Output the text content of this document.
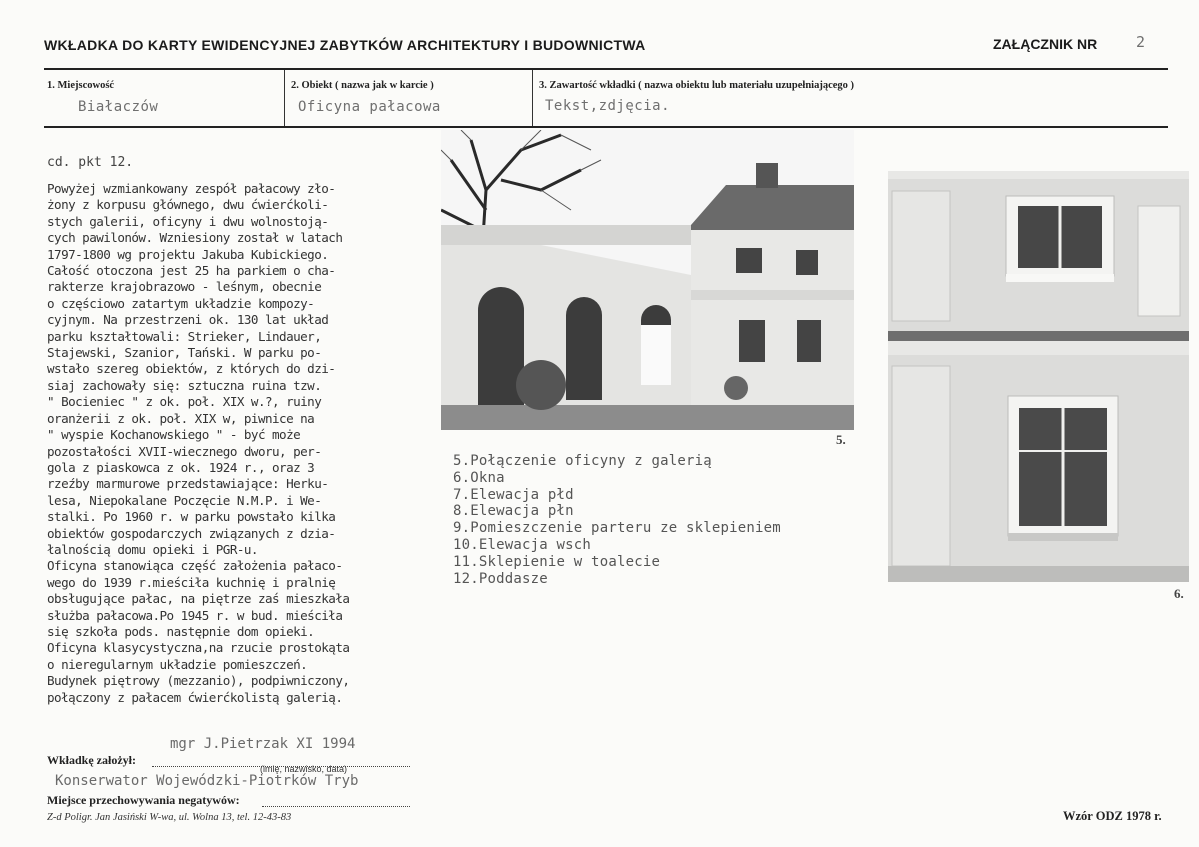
WKŁADKA DO KARTY EWIDENCYJNEJ ZABYTKÓW ARCHITEKTURY I BUDOWNICTWA	ZAŁĄCZNIK NR	2
1. Miejscowość
Białaczów
2. Obiekt ( nazwa jak w karcie )
Oficyna pałacowa
3. Zawartość wkładki ( nazwa obiektu lub materiału uzupełniającego )
Tekst,zdjęcia.
cd. pkt 12.
Powyżej wzmiankowany zespół pałacowy zło-
żony z korpusu głównego, dwu ćwierćkoli-
stych galerii, oficyny i dwu wolnostoją-
cych pawilonów. Wzniesiony został w latach
1797-1800 wg projektu Jakuba Kubickiego.
Całość otoczona jest 25 ha parkiem o cha-
rakterze krajobrazowo - leśnym, obecnie
o częściowo zatartym układzie kompozy-
cyjnym. Na przestrzeni ok. 130 lat układ
parku kształtowali: Strieker, Lindauer,
Stajewski, Szanior, Tański. W parku po-
wstało szereg obiektów, z których do dzi-
siaj zachowały się: sztuczna ruina tzw.
" Bocieniec " z ok. poł. XIX w.?, ruiny
oranżerii z ok. poł. XIX w, piwnice na
" wyspie Kochanowskiego " - być może
pozostałości XVII-wiecznego dworu, per-
gola z piaskowca z ok. 1924 r., oraz 3
rzeźby marmurowe przedstawiające: Herku-
lesa, Niepokalane Poczęcie N.M.P. i We-
stalki. Po 1960 r. w parku powstało kilka
obiektów gospodarczych związanych z dzia-
łalnością domu opieki i PGR-u.
Oficyna stanowiąca część założenia pałaco-
wego do 1939 r.mieściła kuchnię i pralnię
obsługujące pałac, na piętrze zaś mieszkała
służba pałacowa.Po 1945 r. w bud. mieściła
się szkoła pods. następnie dom opieki.
Oficyna klasycystyczna,na rzucie prostokąta
o nieregularnym układzie pomieszczeń.
Budynek piętrowy (mezzanio), podpiwniczony,
połączony z pałacem ćwierćkolistą galerią.
5.
6.
5.Połączenie oficyny z galerią
6.Okna
7.Elewacja płd
8.Elewacja płn
9.Pomieszczenie parteru ze sklepieniem
10.Elewacja wsch
11.Sklepienie w toalecie
12.Poddasze
mgr J.Pietrzak XI 1994
Wkładkę założył:
(imię, nazwisko, data)
Konserwator Wojewódzki-Piotrków Tryb
Miejsce przechowywania negatywów:
Z-d Poligr. Jan Jasiński W-wa, ul. Wolna 13, tel. 12-43-83	Wzór ODZ 1978 r.
